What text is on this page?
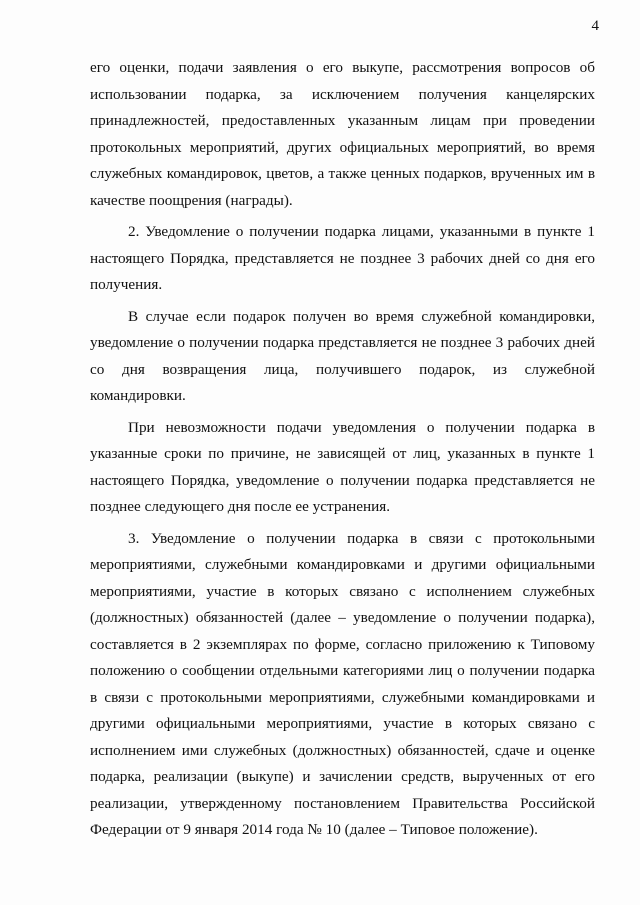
4

его оценки, подачи заявления о его выкупе, рассмотрения вопросов об использовании подарка, за исключением получения канцелярских принадлежностей, предоставленных указанным лицам при проведении протокольных мероприятий, других официальных мероприятий, во время служебных командировок, цветов, а также ценных подарков, врученных им в качестве поощрения (награды).

2. Уведомление о получении подарка лицами, указанными в пункте 1 настоящего Порядка, представляется не позднее 3 рабочих дней со дня его получения.

В случае если подарок получен во время служебной командировки, уведомление о получении подарка представляется не позднее 3 рабочих дней со дня возвращения лица, получившего подарок, из служебной командировки.

При невозможности подачи уведомления о получении подарка в указанные сроки по причине, не зависящей от лиц, указанных в пункте 1 настоящего Порядка, уведомление о получении подарка представляется не позднее следующего дня после ее устранения.

3. Уведомление о получении подарка в связи с протокольными мероприятиями, служебными командировками и другими официальными мероприятиями, участие в которых связано с исполнением служебных (должностных) обязанностей (далее – уведомление о получении подарка), составляется в 2 экземплярах по форме, согласно приложению к Типовому положению о сообщении отдельными категориями лиц о получении подарка в связи с протокольными мероприятиями, служебными командировками и другими официальными мероприятиями, участие в которых связано с исполнением ими служебных (должностных) обязанностей, сдаче и оценке подарка, реализации (выкупе) и зачислении средств, вырученных от его реализации, утвержденному постановлением Правительства Российской Федерации от 9 января 2014 года № 10 (далее – Типовое положение).
